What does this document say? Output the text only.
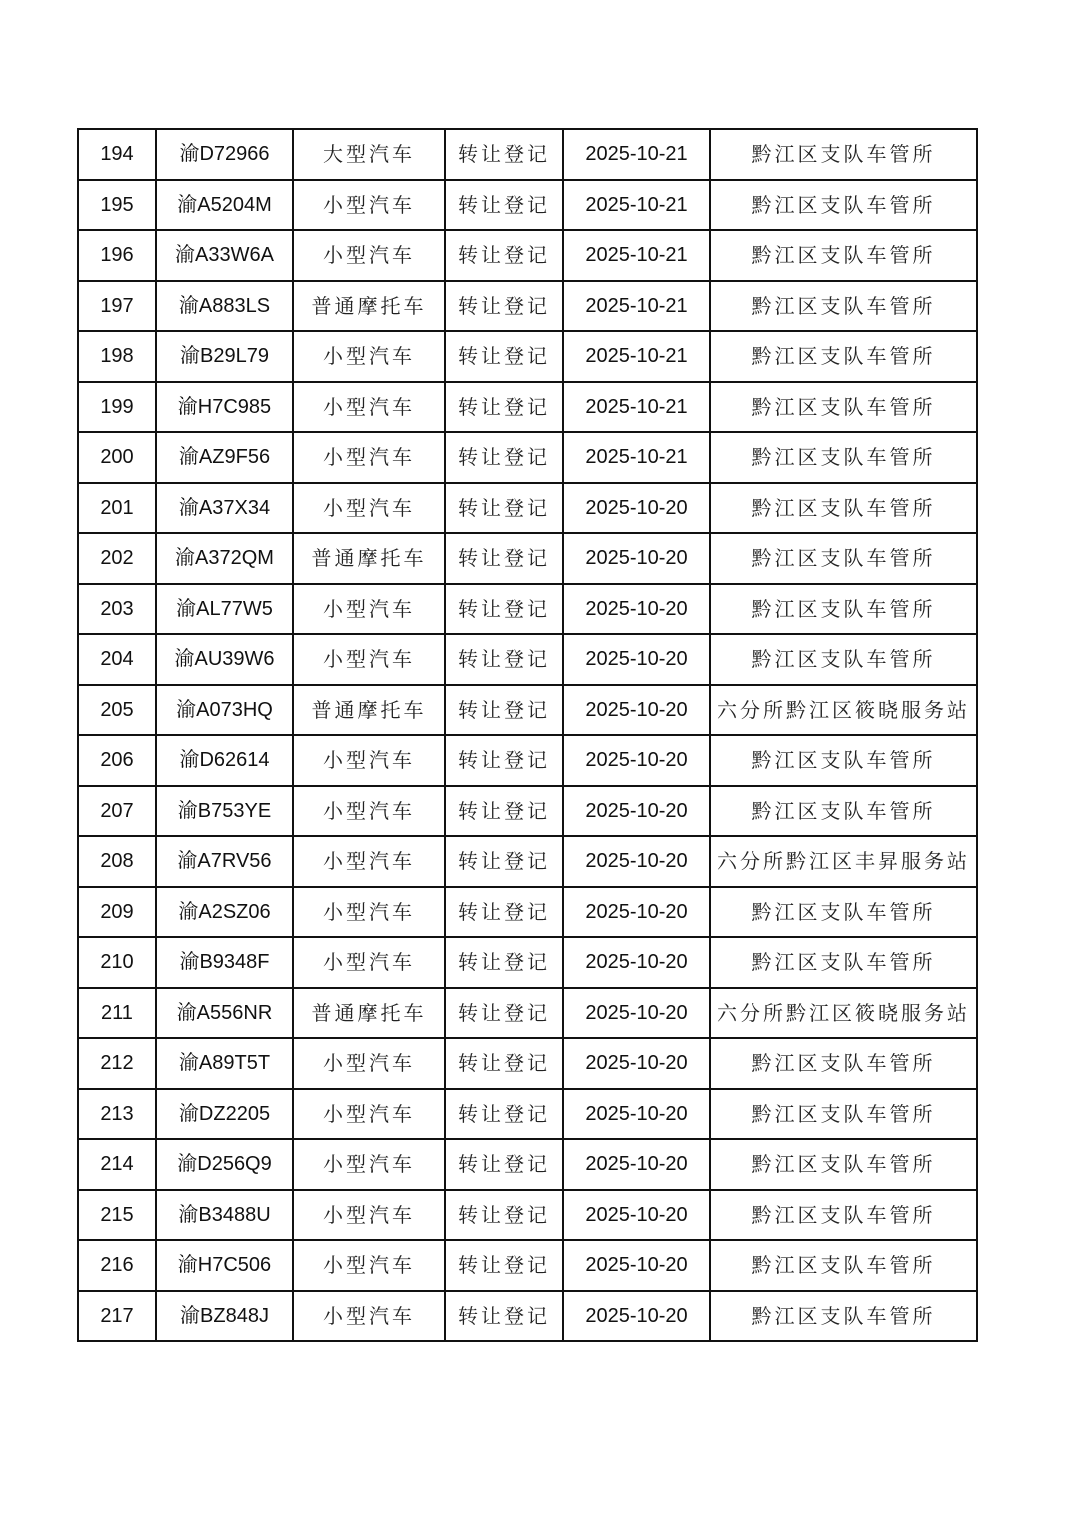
194	渝D72966	大型汽车	转让登记	2025-10-21	黔江区支队车管所
195	渝A5204M	小型汽车	转让登记	2025-10-21	黔江区支队车管所
196	渝A33W6A	小型汽车	转让登记	2025-10-21	黔江区支队车管所
197	渝A883LS	普通摩托车	转让登记	2025-10-21	黔江区支队车管所
198	渝B29L79	小型汽车	转让登记	2025-10-21	黔江区支队车管所
199	渝H7C985	小型汽车	转让登记	2025-10-21	黔江区支队车管所
200	渝AZ9F56	小型汽车	转让登记	2025-10-21	黔江区支队车管所
201	渝A37X34	小型汽车	转让登记	2025-10-20	黔江区支队车管所
202	渝A372QM	普通摩托车	转让登记	2025-10-20	黔江区支队车管所
203	渝AL77W5	小型汽车	转让登记	2025-10-20	黔江区支队车管所
204	渝AU39W6	小型汽车	转让登记	2025-10-20	黔江区支队车管所
205	渝A073HQ	普通摩托车	转让登记	2025-10-20	六分所黔江区筱晓服务站
206	渝D62614	小型汽车	转让登记	2025-10-20	黔江区支队车管所
207	渝B753YE	小型汽车	转让登记	2025-10-20	黔江区支队车管所
208	渝A7RV56	小型汽车	转让登记	2025-10-20	六分所黔江区丰昇服务站
209	渝A2SZ06	小型汽车	转让登记	2025-10-20	黔江区支队车管所
210	渝B9348F	小型汽车	转让登记	2025-10-20	黔江区支队车管所
211	渝A556NR	普通摩托车	转让登记	2025-10-20	六分所黔江区筱晓服务站
212	渝A89T5T	小型汽车	转让登记	2025-10-20	黔江区支队车管所
213	渝DZ2205	小型汽车	转让登记	2025-10-20	黔江区支队车管所
214	渝D256Q9	小型汽车	转让登记	2025-10-20	黔江区支队车管所
215	渝B3488U	小型汽车	转让登记	2025-10-20	黔江区支队车管所
216	渝H7C506	小型汽车	转让登记	2025-10-20	黔江区支队车管所
217	渝BZ848J	小型汽车	转让登记	2025-10-20	黔江区支队车管所
